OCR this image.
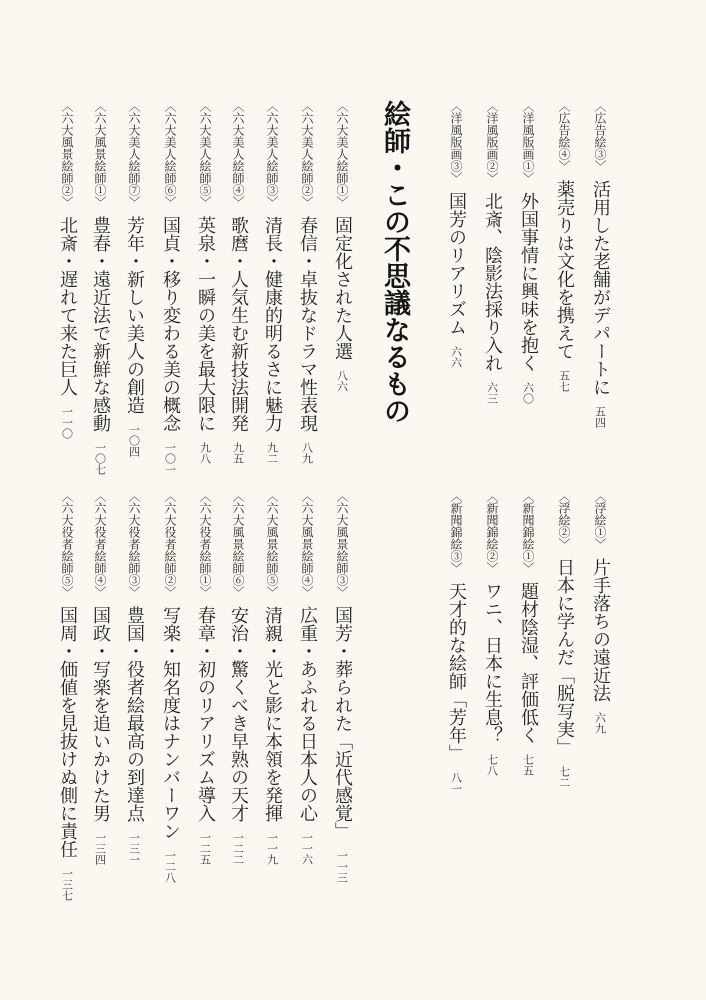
〈広告絵③〉
活用した老舗がデパートに
五四
〈広告絵④〉
薬売りは文化を携えて
五七
〈洋風版画①〉
外国事情に興味を抱く
六〇
〈洋風版画②〉
北斎、陰影法採り入れ
六三
〈洋風版画③〉
国芳のリアリズム
六六
絵師・この不思議なるもの
〈六大美人絵師①〉
固定化された人選
八六
〈六大美人絵師②〉
春信・卓抜なドラマ性表現
八九
〈六大美人絵師③〉
清長・健康的明るさに魅力
九二
〈六大美人絵師④〉
歌麿・人気生む新技法開発
九五
〈六大美人絵師⑤〉
英泉・一瞬の美を最大限に
九八
〈六大美人絵師⑥〉
国貞・移り変わる美の概念
一〇一
〈六大美人絵師⑦〉
芳年・新しい美人の創造
一〇四
〈六大風景絵師①〉
豊春・遠近法で新鮮な感動
一〇七
〈六大風景絵師②〉
北斎・遅れて来た巨人
一一〇
〈浮絵①〉
片手落ちの遠近法
六九
〈浮絵②〉
日本に学んだ「脱写実」
七二
〈新聞錦絵①〉
題材陰湿、評価低く
七五
〈新聞錦絵②〉
ワニ、日本に生息？
七八
〈新聞錦絵③〉
天才的な絵師「芳年」
八一
〈六大風景絵師③〉
国芳・葬られた「近代感覚」
一一三
〈六大風景絵師④〉
広重・あふれる日本人の心
一一六
〈六大風景絵師⑤〉
清親・光と影に本領を発揮
一一九
〈六大風景絵師⑥〉
安治・驚くべき早熟の天才
一二二
〈六大役者絵師①〉
春章・初のリアリズム導入
一二五
〈六大役者絵師②〉
写楽・知名度はナンバーワン
一二八
〈六大役者絵師③〉
豊国・役者絵最高の到達点
一三一
〈六大役者絵師④〉
国政・写楽を追いかけた男
一三四
〈六大役者絵師⑤〉
国周・価値を見抜けぬ側に責任
一三七
